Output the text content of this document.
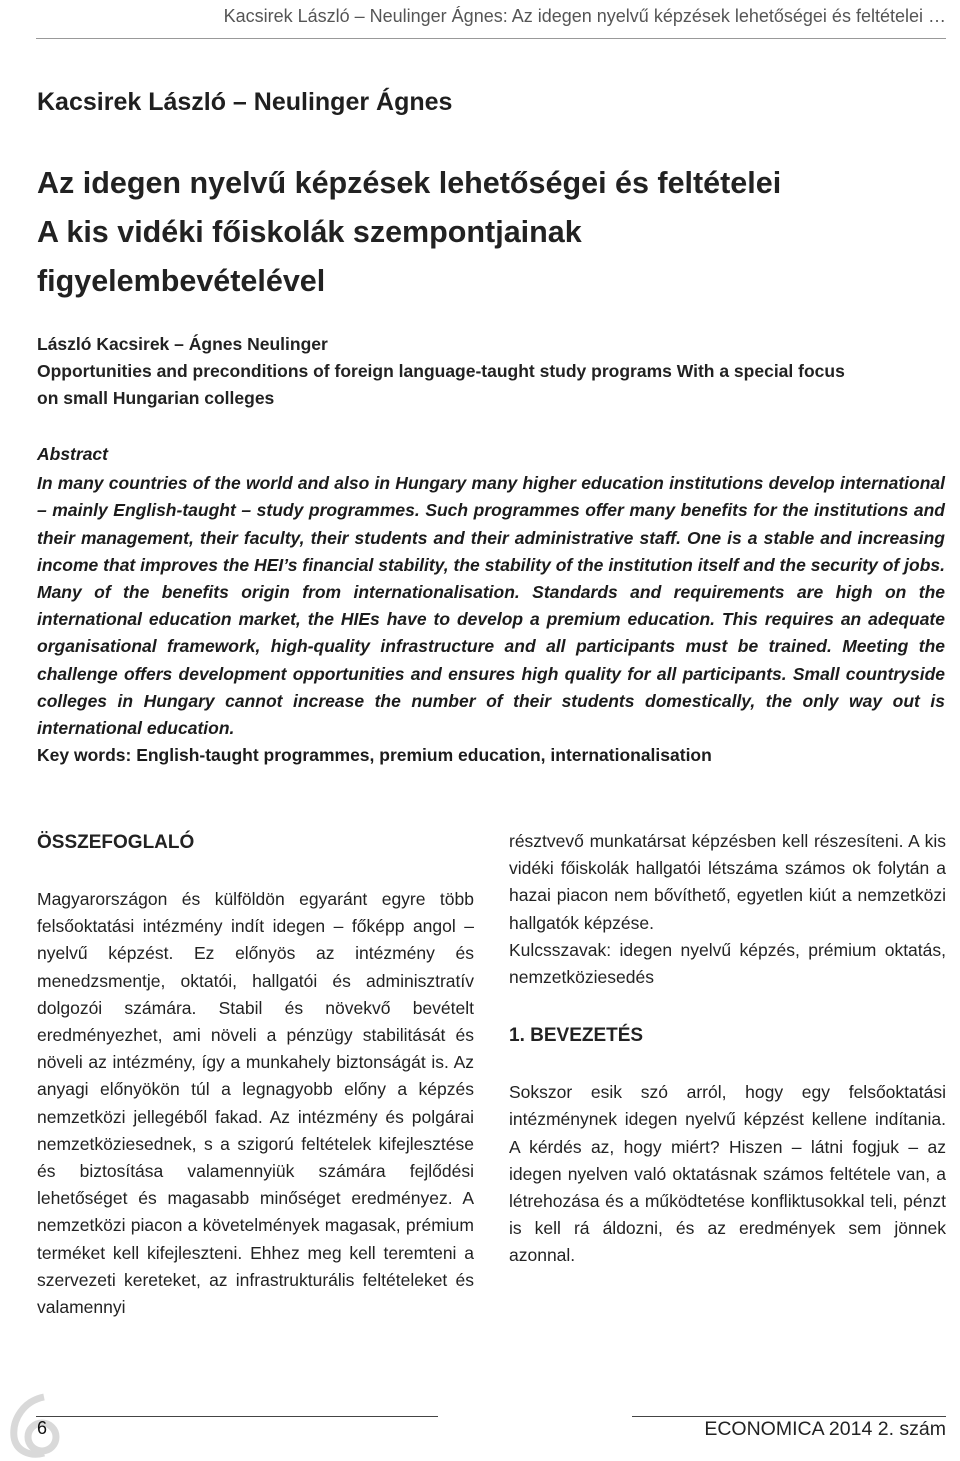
Kacsirek László – Neulinger Ágnes: Az idegen nyelvű képzések lehetőségei és feltételei …
Kacsirek László – Neulinger Ágnes
Az idegen nyelvű képzések lehetőségei és feltételei
A kis vidéki főiskolák szempontjainak
figyelembevételével
László Kacsirek – Ágnes Neulinger
Opportunities and preconditions of foreign language-taught study programs With a special focus
on small Hungarian colleges

Abstract

In many countries of the world and also in Hungary many higher education institutions develop international – mainly English-taught – study programmes. Such programmes offer many benefits for the institutions and their management, their faculty, their students and their administrative staff. One is a stable and increasing income that improves the HEI’s financial stability, the stability of the institution itself and the security of jobs. Many of the benefits origin from internationalisation. Standards and requirements are high on the international education market, the HIEs have to develop a premium education. This requires an adequate organisational framework, high-quality infrastructure and all participants must be trained. Meeting the challenge offers development opportunities and ensures high quality for all participants. Small countryside colleges in Hungary cannot increase the number of their students domestically, the only way out is international education.

Key words: English-taught programmes, premium education, internationalisation

ÖSSZEFOGLALÓ

Magyarországon és külföldön egyaránt egyre több felsőoktatási intézmény indít idegen – főképp angol – nyelvű képzést. Ez előnyös az intézmény és menedzsmentje, oktatói, hallgatói és adminisztratív dolgozói számára. Stabil és növekvő bevételt eredményezhet, ami növeli a pénzügy stabilitását és növeli az intézmény, így a munkahely biztonságát is. Az anyagi előnyökön túl a legnagyobb előny a képzés nemzetközi jellegéből fakad. Az intézmény és polgárai nemzetköziesednek, s a szigorú feltételek kifejlesztése és biztosítása valamennyiük számára fejlődési lehetőséget és magasabb minőséget eredményez. A nemzetközi piacon a követelmények magasak, prémium terméket kell kifejleszteni. Ehhez meg kell teremteni a szervezeti kereteket, az infrastrukturális feltételeket és valamennyi

résztvevő munkatársat képzésben kell részesíteni. A kis vidéki főiskolák hallgatói létszáma számos ok folytán a hazai piacon nem bővíthető, egyetlen kiút a nemzetközi hallgatók képzése.

Kulcsszavak: idegen nyelvű képzés, prémium oktatás, nemzetköziesedés

1. BEVEZETÉS

Sokszor esik szó arról, hogy egy felsőoktatási intézménynek idegen nyelvű képzést kellene indítania. A kérdés az, hogy miért? Hiszen – látni fogjuk – az idegen nyelven való oktatásnak számos feltétele van, a létrehozása és a működtetése konfliktusokkal teli, pénzt is kell rá áldozni, és az eredmények sem jönnek azonnal.

6	ECONOMICA 2014 2. szám
